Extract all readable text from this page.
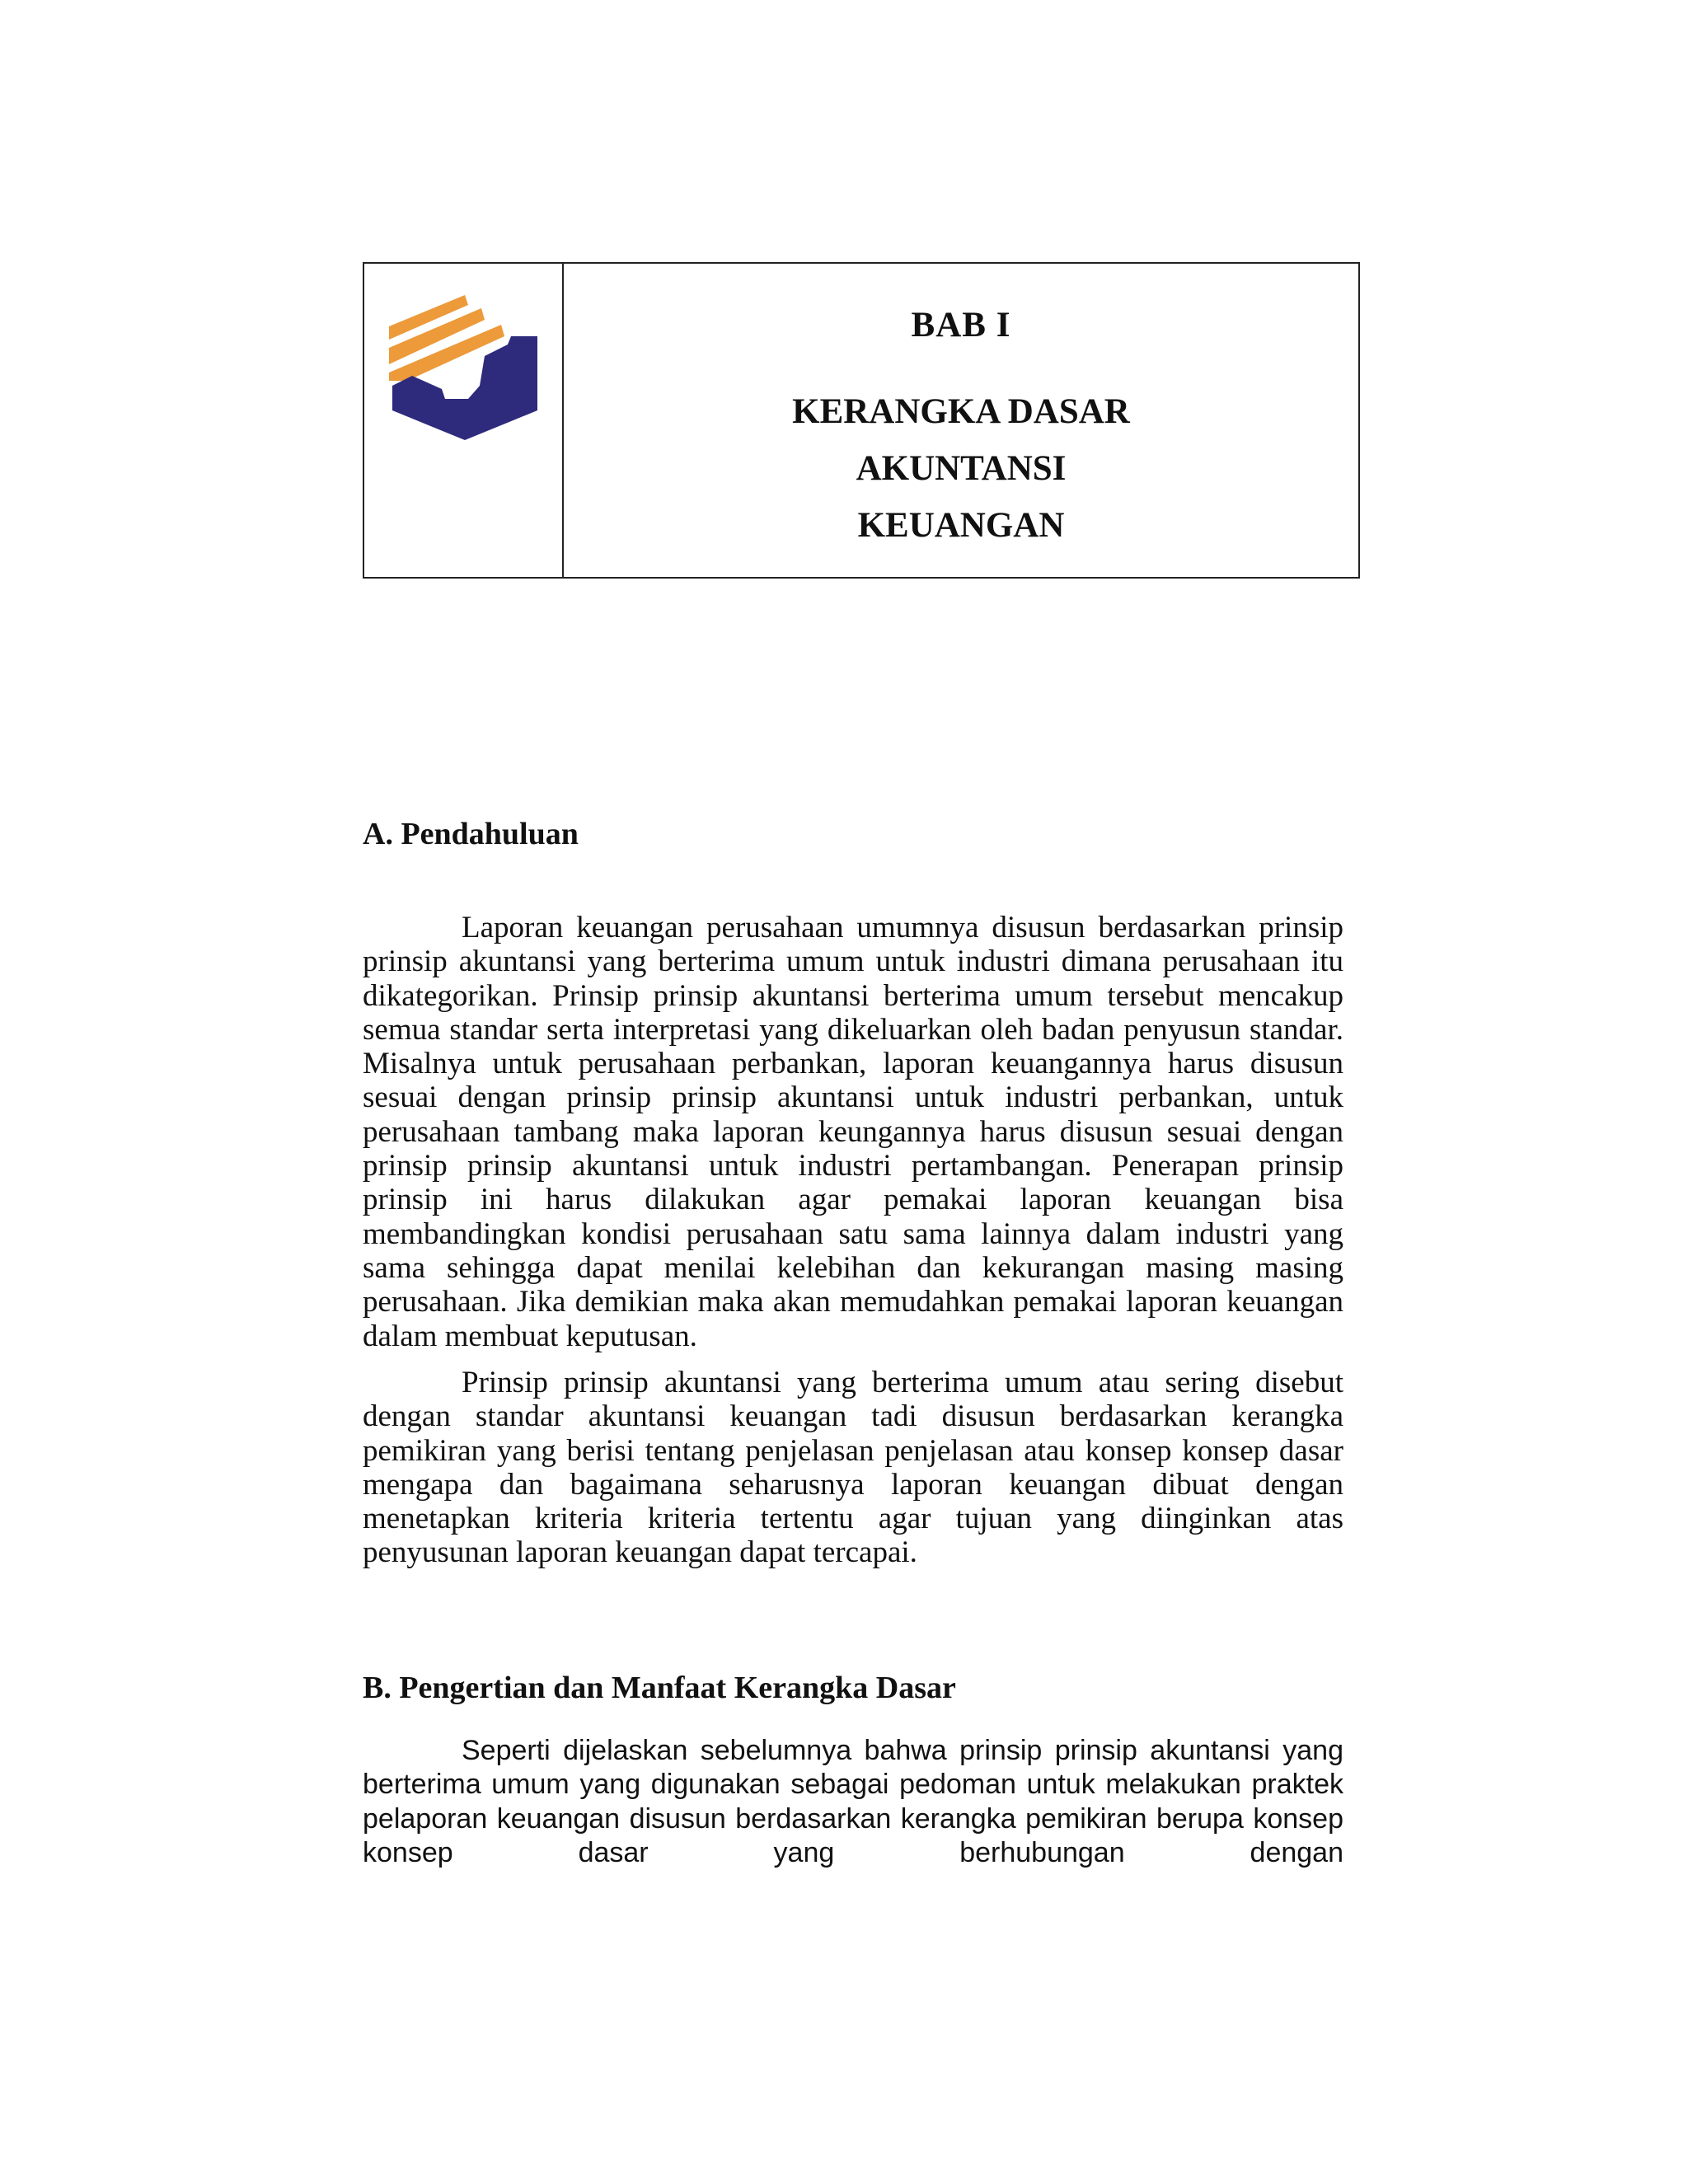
BAB I
KERANGKA DASAR
AKUNTANSI
KEUANGAN
A. Pendahuluan

Laporan keuangan perusahaan umumnya disusun berdasarkan prinsip prinsip akuntansi yang berterima umum untuk industri dimana perusahaan itu dikategorikan. Prinsip prinsip akuntansi berterima umum tersebut mencakup semua standar serta interpretasi yang dikeluarkan oleh badan penyusun standar. Misalnya untuk perusahaan perbankan, laporan keuangannya harus disusun sesuai dengan prinsip prinsip akuntansi untuk industri perbankan, untuk perusahaan tambang maka laporan keungannya harus disusun sesuai dengan prinsip prinsip akuntansi untuk industri pertambangan. Penerapan prinsip prinsip ini harus dilakukan agar pemakai laporan keuangan bisa membandingkan kondisi perusahaan satu sama lainnya dalam industri yang sama sehingga dapat menilai kelebihan dan kekurangan masing masing perusahaan. Jika demikian maka akan memudahkan pemakai laporan keuangan dalam membuat keputusan.

Prinsip prinsip akuntansi yang berterima umum atau sering disebut dengan standar akuntansi keuangan tadi disusun berdasarkan kerangka pemikiran yang berisi tentang penjelasan penjelasan atau konsep konsep dasar mengapa dan bagaimana seharusnya laporan keuangan dibuat dengan menetapkan kriteria kriteria tertentu agar tujuan yang diinginkan atas penyusunan laporan keuangan dapat tercapai.

B. Pengertian dan Manfaat Kerangka Dasar

Seperti dijelaskan sebelumnya bahwa prinsip prinsip akuntansi yang berterima umum yang digunakan sebagai pedoman untuk melakukan praktek pelaporan keuangan disusun berdasarkan kerangka pemikiran berupa konsep konsep dasar yang berhubungan dengan
